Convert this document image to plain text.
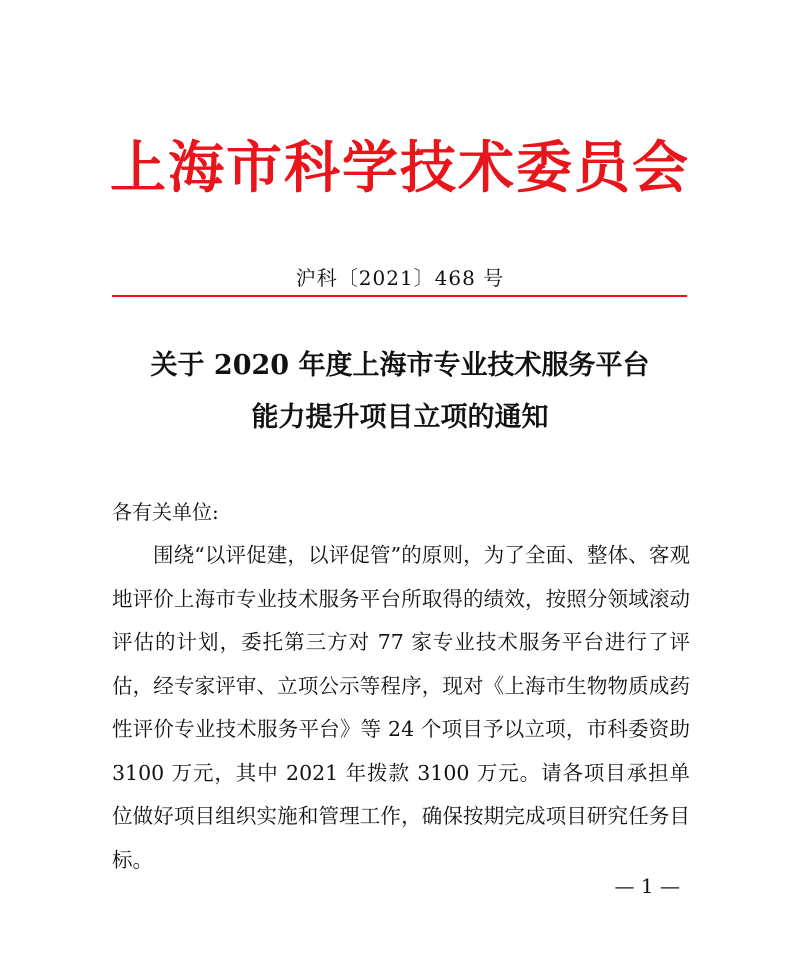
上海市科学技术委员会
沪科〔2021〕468 号
关于 2020 年度上海市专业技术服务平台
能力提升项目立项的通知
各有关单位:
围绕“以评促建，以评促管”的原则，为了全面、整体、客观地评价上海市专业技术服务平台所取得的绩效，按照分领域滚动评估的计划，委托第三方对 77 家专业技术服务平台进行了评估，经专家评审、立项公示等程序，现对《上海市生物物质成药性评价专业技术服务平台》等 24 个项目予以立项，市科委资助 3100 万元，其中 2021 年拨款 3100 万元。请各项目承担单位做好项目组织实施和管理工作，确保按期完成项目研究任务目标。
— 1 —
